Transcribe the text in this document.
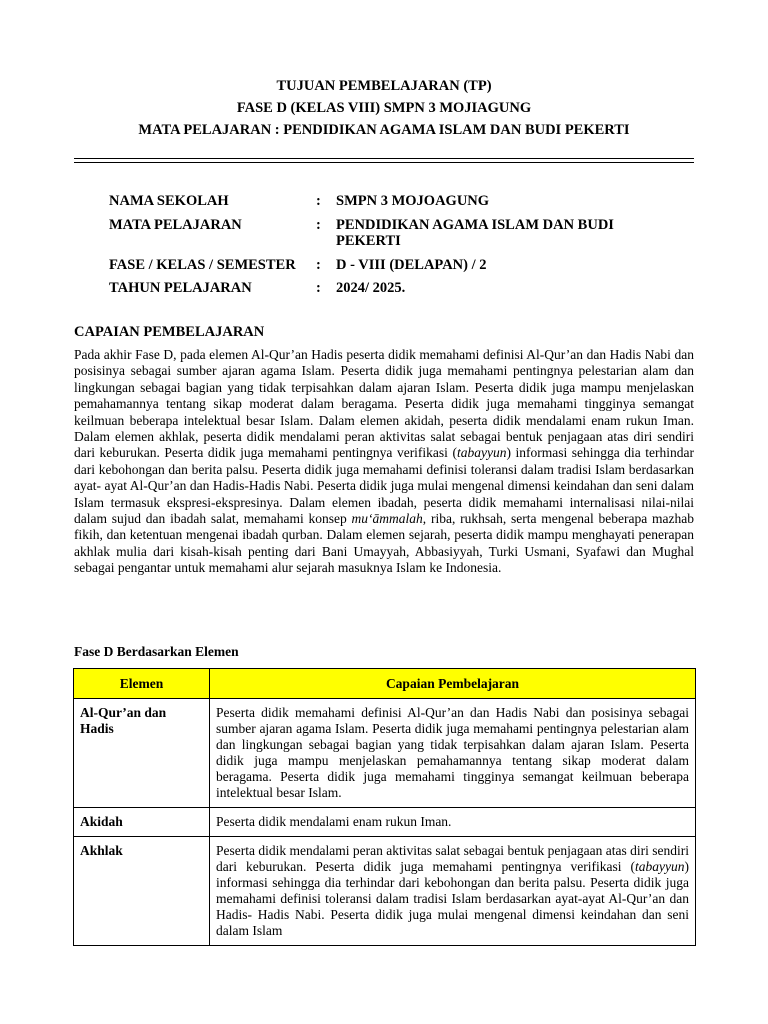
TUJUAN PEMBELAJARAN (TP)
FASE D (KELAS VIII) SMPN 3 MOJIAGUNG
MATA PELAJARAN : PENDIDIKAN AGAMA ISLAM DAN BUDI PEKERTI
NAMA SEKOLAH	:	SMPN 3 MOJOAGUNG
MATA PELAJARAN	:	PENDIDIKAN AGAMA ISLAM DAN BUDI PEKERTI
FASE / KELAS / SEMESTER	:	D - VIII (DELAPAN) / 2
TAHUN PELAJARAN	:	2024/ 2025.
CAPAIAN PEMBELAJARAN

Pada akhir Fase D, pada elemen Al-Qur’an Hadis peserta didik memahami definisi Al-Qur’an dan Hadis Nabi dan posisinya sebagai sumber ajaran agama Islam. Peserta didik juga memahami pentingnya pelestarian alam dan lingkungan sebagai bagian yang tidak terpisahkan dalam ajaran Islam. Peserta didik juga mampu menjelaskan pemahamannya tentang sikap moderat dalam beragama. Peserta didik juga memahami tingginya semangat keilmuan beberapa intelektual besar Islam. Dalam elemen akidah, peserta didik mendalami enam rukun Iman. Dalam elemen akhlak, peserta didik mendalami peran aktivitas salat sebagai bentuk penjagaan atas diri sendiri dari keburukan. Peserta didik juga memahami pentingnya verifikasi (tabayyun) informasi sehingga dia terhindar dari kebohongan dan berita palsu. Peserta didik juga memahami definisi toleransi dalam tradisi Islam berdasarkan ayat- ayat Al-Qur’an dan Hadis-Hadis Nabi. Peserta didik juga mulai mengenal dimensi keindahan dan seni dalam Islam termasuk ekspresi-ekspresinya. Dalam elemen ibadah, peserta didik memahami internalisasi nilai-nilai dalam sujud dan ibadah salat, memahami konsep mu‘āmmalah, riba, rukhsah, serta mengenal beberapa mazhab fikih, dan ketentuan mengenai ibadah qurban. Dalam elemen sejarah, peserta didik mampu menghayati penerapan akhlak mulia dari kisah-kisah penting dari Bani Umayyah, Abbasiyyah, Turki Usmani, Syafawi dan Mughal sebagai pengantar untuk memahami alur sejarah masuknya Islam ke Indonesia.

Fase D Berdasarkan Elemen
Elemen	Capaian Pembelajaran
Al-Qur’an dan Hadis	Peserta didik memahami definisi Al-Qur’an dan Hadis Nabi dan posisinya sebagai sumber ajaran agama Islam. Peserta didik juga memahami pentingnya pelestarian alam dan lingkungan sebagai bagian yang tidak terpisahkan dalam ajaran Islam. Peserta didik juga mampu menjelaskan pemahamannya tentang sikap moderat dalam beragama. Peserta didik juga memahami tingginya semangat keilmuan beberapa intelektual besar Islam.
Akidah	Peserta didik mendalami enam rukun Iman.
Akhlak	Peserta didik mendalami peran aktivitas salat sebagai bentuk penjagaan atas diri sendiri dari keburukan. Peserta didik juga memahami pentingnya verifikasi (tabayyun) informasi sehingga dia terhindar dari kebohongan dan berita palsu. Peserta didik juga memahami definisi toleransi dalam tradisi Islam berdasarkan ayat-ayat Al-Qur’an dan Hadis- Hadis Nabi. Peserta didik juga mulai mengenal dimensi keindahan dan seni dalam Islam
